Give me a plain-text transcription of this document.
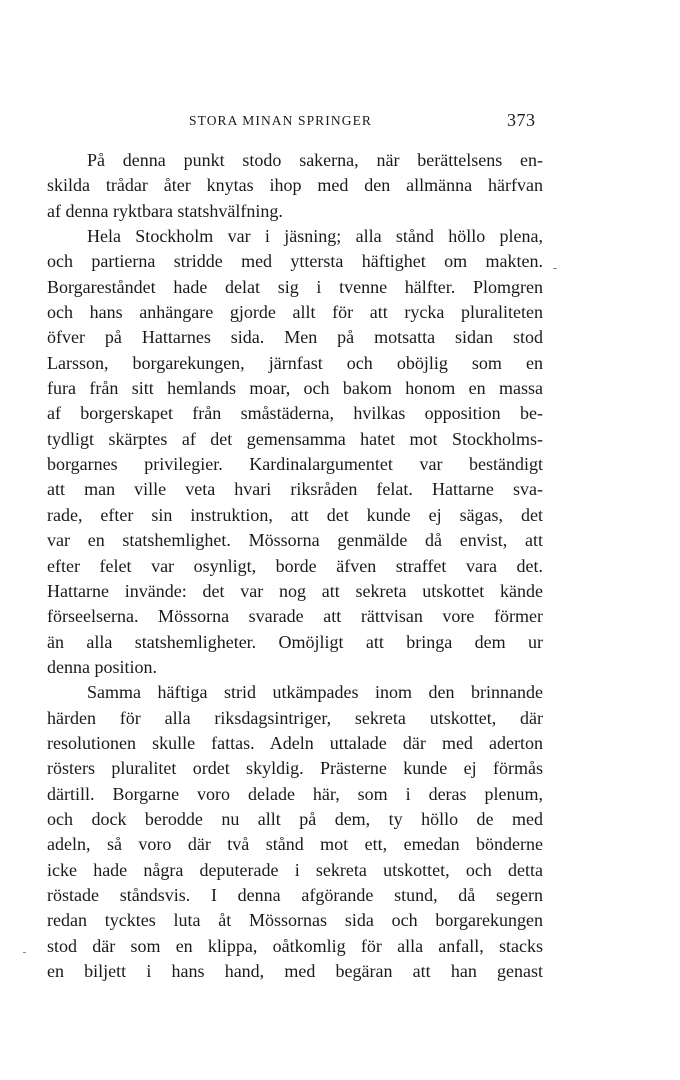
STORA MINAN SPRINGER	373
På denna punkt stodo sakerna, när berättelsens en-
skilda trådar åter knytas ihop med den allmänna härfvan
af denna ryktbara statshvälfning.
Hela Stockholm var i jäsning; alla stånd höllo plena,
och partierna stridde med yttersta häftighet om makten.
Borgareståndet hade delat sig i tvenne hälfter. Plomgren
och hans anhängare gjorde allt för att rycka pluraliteten
öfver på Hattarnes sida. Men på motsatta sidan stod
Larsson, borgarekungen, järnfast och oböjlig som en
fura från sitt hemlands moar, och bakom honom en massa
af borgerskapet från småstäderna, hvilkas opposition be-
tydligt skärptes af det gemensamma hatet mot Stockholms-
borgarnes privilegier. Kardinalargumentet var beständigt
att man ville veta hvari riksråden felat. Hattarne sva-
rade, efter sin instruktion, att det kunde ej sägas, det
var en statshemlighet. Mössorna genmälde då envist, att
efter felet var osynligt, borde äfven straffet vara det.
Hattarne invände: det var nog att sekreta utskottet kände
förseelserna. Mössorna svarade att rättvisan vore förmer
än alla statshemligheter. Omöjligt att bringa dem ur
denna position.
Samma häftiga strid utkämpades inom den brinnande
härden för alla riksdagsintriger, sekreta utskottet, där
resolutionen skulle fattas. Adeln uttalade där med aderton
rösters pluralitet ordet skyldig. Prästerne kunde ej förmås
därtill. Borgarne voro delade här, som i deras plenum,
och dock berodde nu allt på dem, ty höllo de med
adeln, så voro där två stånd mot ett, emedan bönderne
icke hade några deputerade i sekreta utskottet, och detta
röstade ståndsvis. I denna afgörande stund, då segern
redan tycktes luta åt Mössornas sida och borgarekungen
stod där som en klippa, oåtkomlig för alla anfall, stacks
en biljett i hans hand, med begäran att han genast
